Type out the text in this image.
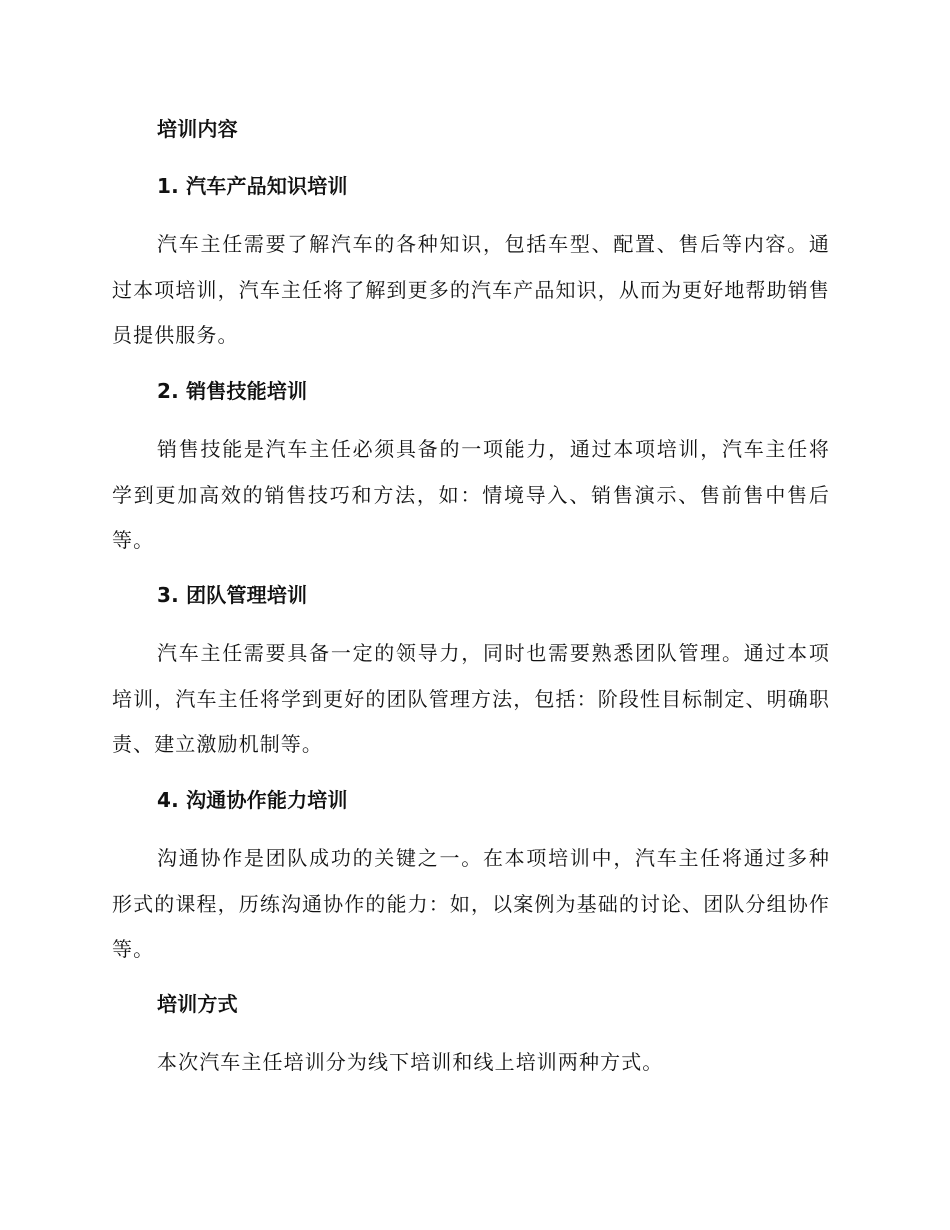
培训内容
1. 汽车产品知识培训
汽车主任需要了解汽车的各种知识，包括车型、配置、售后等内容。通过本项培训，汽车主任将了解到更多的汽车产品知识，从而为更好地帮助销售员提供服务。
2. 销售技能培训
销售技能是汽车主任必须具备的一项能力，通过本项培训，汽车主任将学到更加高效的销售技巧和方法，如：情境导入、销售演示、售前售中售后等。
3. 团队管理培训
汽车主任需要具备一定的领导力，同时也需要熟悉团队管理。通过本项培训，汽车主任将学到更好的团队管理方法，包括：阶段性目标制定、明确职责、建立激励机制等。
4. 沟通协作能力培训
沟通协作是团队成功的关键之一。在本项培训中，汽车主任将通过多种形式的课程，历练沟通协作的能力：如，以案例为基础的讨论、团队分组协作等。
培训方式
本次汽车主任培训分为线下培训和线上培训两种方式。
